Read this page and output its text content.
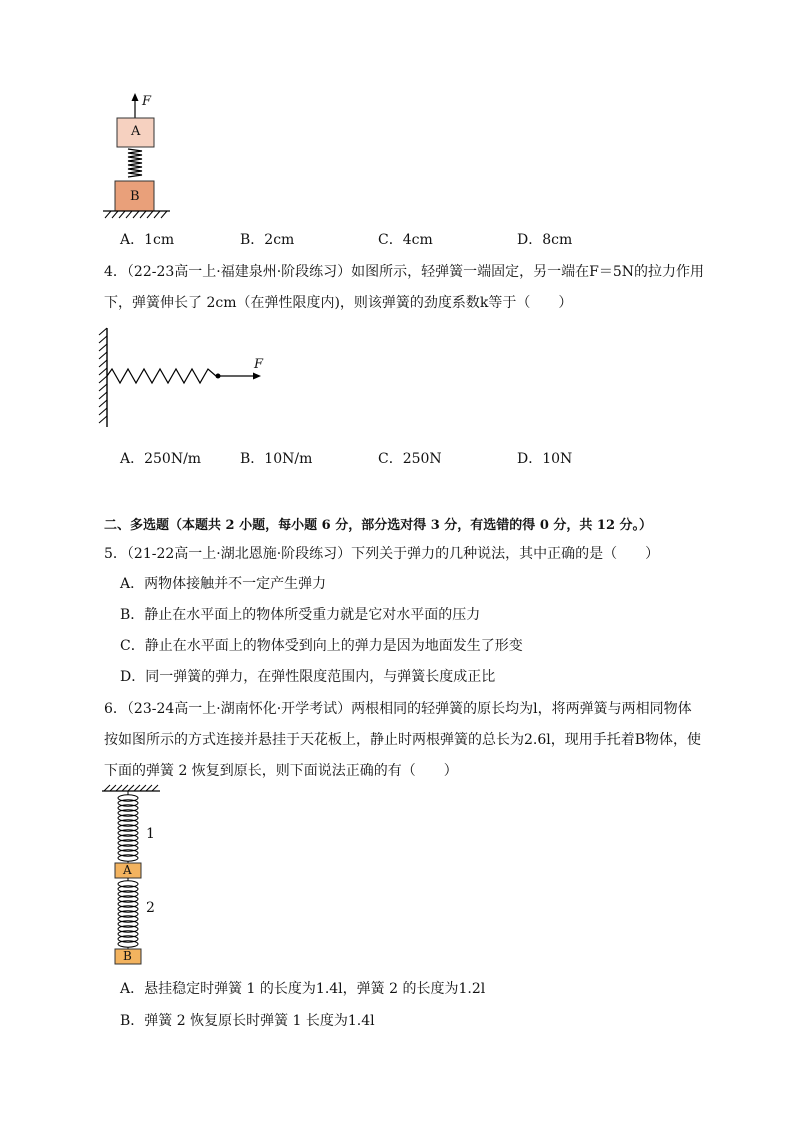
F
A
B
A．1cm	B．2cm	C．4cm	D．8cm
4．（22-23高一上·福建泉州·阶段练习）如图所示，轻弹簧一端固定，另一端在F＝5N的拉力作用
下，弹簧伸长了 2cm（在弹性限度内)，则该弹簧的劲度系数k等于（　　）
F
A．250N/m	B．10N/m	C．250N	D．10N
二、多选题（本题共 2 小题，每小题 6 分，部分选对得 3 分，有选错的得 0 分，共 12 分。）
5．（21-22高一上·湖北恩施·阶段练习）下列关于弹力的几种说法，其中正确的是（　　）
A．两物体接触并不一定产生弹力
B．静止在水平面上的物体所受重力就是它对水平面的压力
C．静止在水平面上的物体受到向上的弹力是因为地面发生了形变
D．同一弹簧的弹力，在弹性限度范围内，与弹簧长度成正比
6．（23-24高一上·湖南怀化·开学考试）两根相同的轻弹簧的原长均为l，将两弹簧与两相同物体
按如图所示的方式连接并悬挂于天花板上，静止时两根弹簧的总长为2.6l，现用手托着B物体，使
下面的弹簧 2 恢复到原长，则下面说法正确的有（　　）
1
A
2
B
A．悬挂稳定时弹簧 1 的长度为1.4l，弹簧 2 的长度为1.2l
B．弹簧 2 恢复原长时弹簧 1 长度为1.4l
